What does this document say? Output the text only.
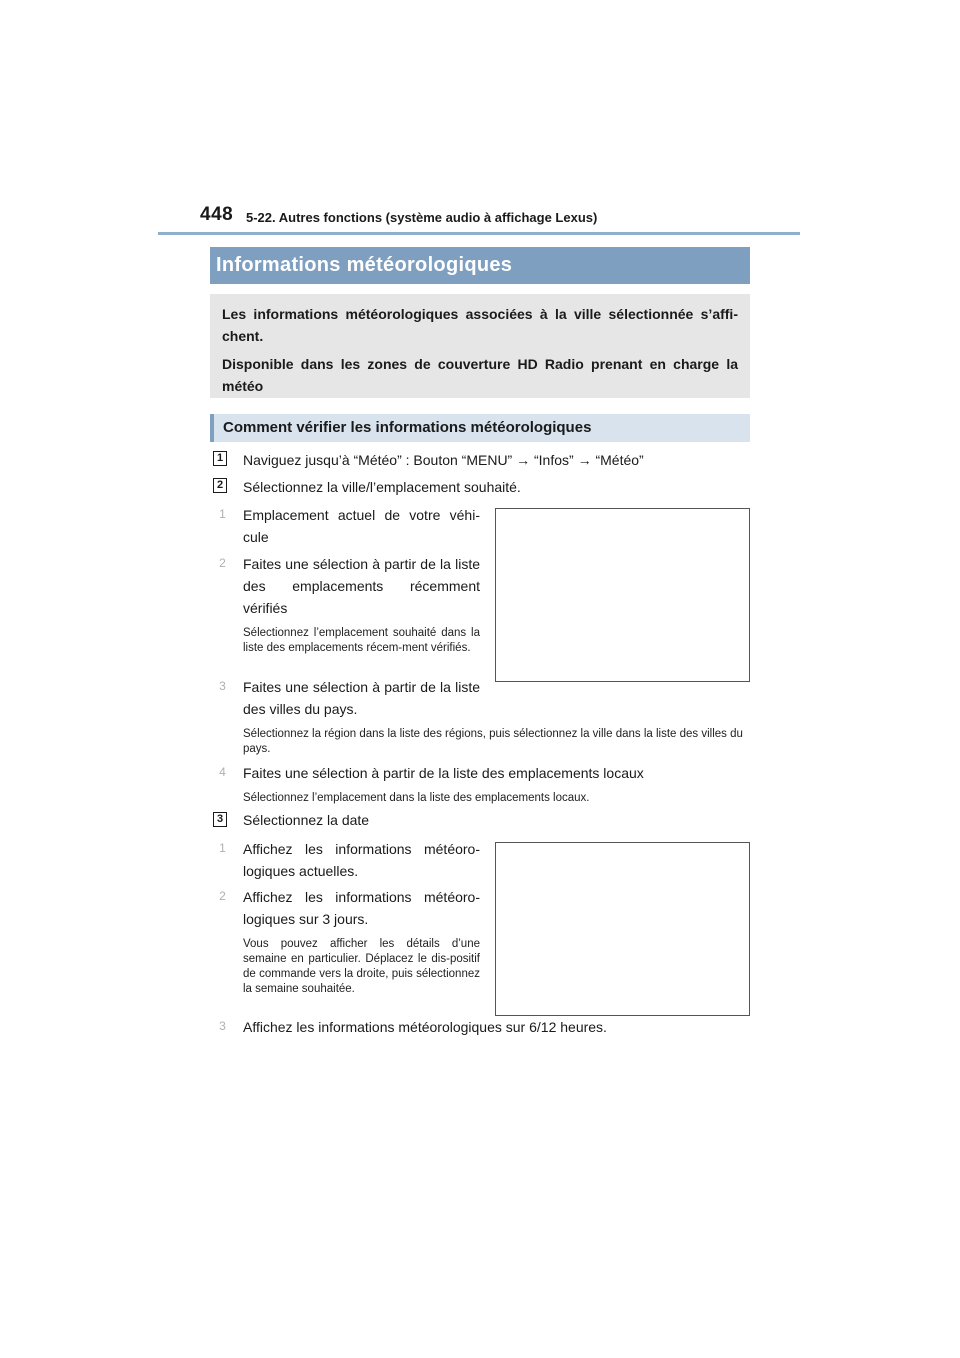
448 5-22. Autres fonctions (système audio à affichage Lexus)
Informations météorologiques

Les informations météorologiques associées à la ville sélectionnée s’affi-chent.

Disponible dans les zones de couverture HD Radio prenant en charge la météo

Comment vérifier les informations météorologiques
1 Naviguez jusqu’à “Météo” : Bouton “MENU” → “Infos” → “Météo”
2 Sélectionnez la ville/l’emplacement souhaité.
1 Emplacement actuel de votre véhi-cule
2 Faites une sélection à partir de la liste des emplacements récemment vérifiés
Sélectionnez l’emplacement souhaité dans la liste des emplacements récem-ment vérifiés.
3 Faites une sélection à partir de la liste des villes du pays.
Sélectionnez la région dans la liste des régions, puis sélectionnez la ville dans la liste des villes du pays.
4 Faites une sélection à partir de la liste des emplacements locaux
Sélectionnez l’emplacement dans la liste des emplacements locaux.
3 Sélectionnez la date
1 Affichez les informations météoro-logiques actuelles.
2 Affichez les informations météoro-logiques sur 3 jours.
Vous pouvez afficher les détails d’une semaine en particulier. Déplacez le dis-positif de commande vers la droite, puis sélectionnez la semaine souhaitée.
3 Affichez les informations météorologiques sur 6/12 heures.
